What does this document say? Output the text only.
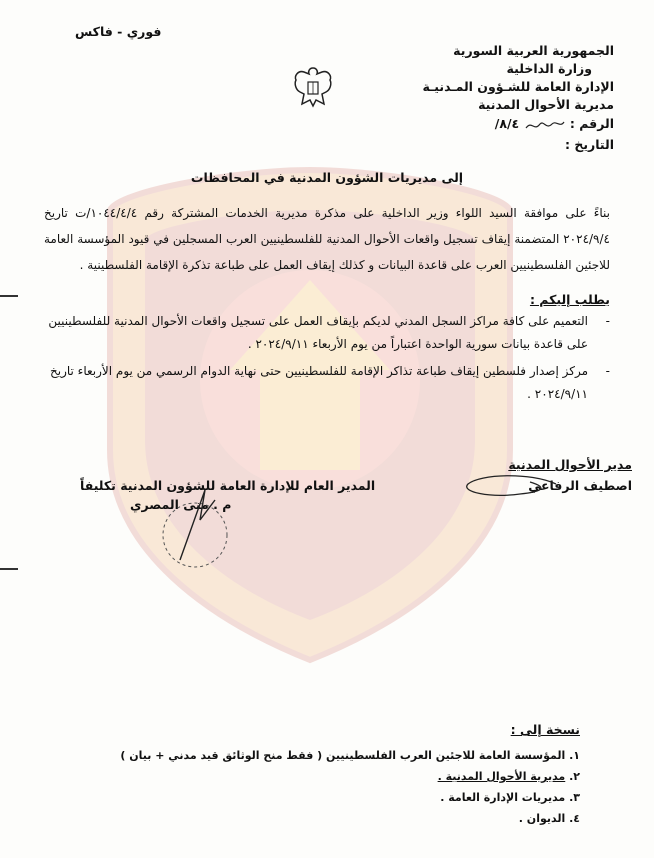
فوري - فاكس
الجمهورية العربية السورية
وزارة الداخلية
الإدارة العامة للشـؤون المـدنيـة
مديرية الأحوال المدنية
الرقم :  ٨/٤/
التاريخ :
إلى مديريات الشؤون المدنية في المحافظات
بناءً على موافقة السيد اللواء وزير الداخلية على مذكرة مديرية الخدمات المشتركة رقم ١٠٤٤/٤/٤/ت تاريخ ٢٠٢٤/٩/٤ المتضمنة إيقاف تسجيل واقعات الأحوال المدنية للفلسطينيين العرب المسجلين في قيود المؤسسة العامة للاجئين الفلسطينيين العرب على قاعدة البيانات و كذلك إيقاف العمل على طباعة تذكرة الإقامة الفلسطينية .
يطلب إليكم :
-
التعميم على كافة مراكز السجل المدني لديكم بإيقاف العمل على تسجيل واقعات الأحوال المدنية للفلسطينيين على قاعدة بيانات سورية الواحدة اعتباراً من يوم الأربعاء ٢٠٢٤/٩/١١ .
-
مركز إصدار فلسطين إيقاف طباعة تذاكر الإقامة للفلسطينيين حتى نهاية الدوام الرسمي من يوم الأربعاء تاريخ ٢٠٢٤/٩/١١ .
مدير الأحوال المدنية
اصطيف الرفاعي
المدير العام للإدارة العامة للشؤون المدنية تكليفاً
م . منى المصري
نسخة إلى :
١. المؤسسة العامة للاجئين العرب الفلسطينيين ( فقط منح الوثائق قيد مدني + بيان )
٢. مديرية الأحوال المدنية .
٣. مديريات الإدارة العامة .
٤. الديوان .
